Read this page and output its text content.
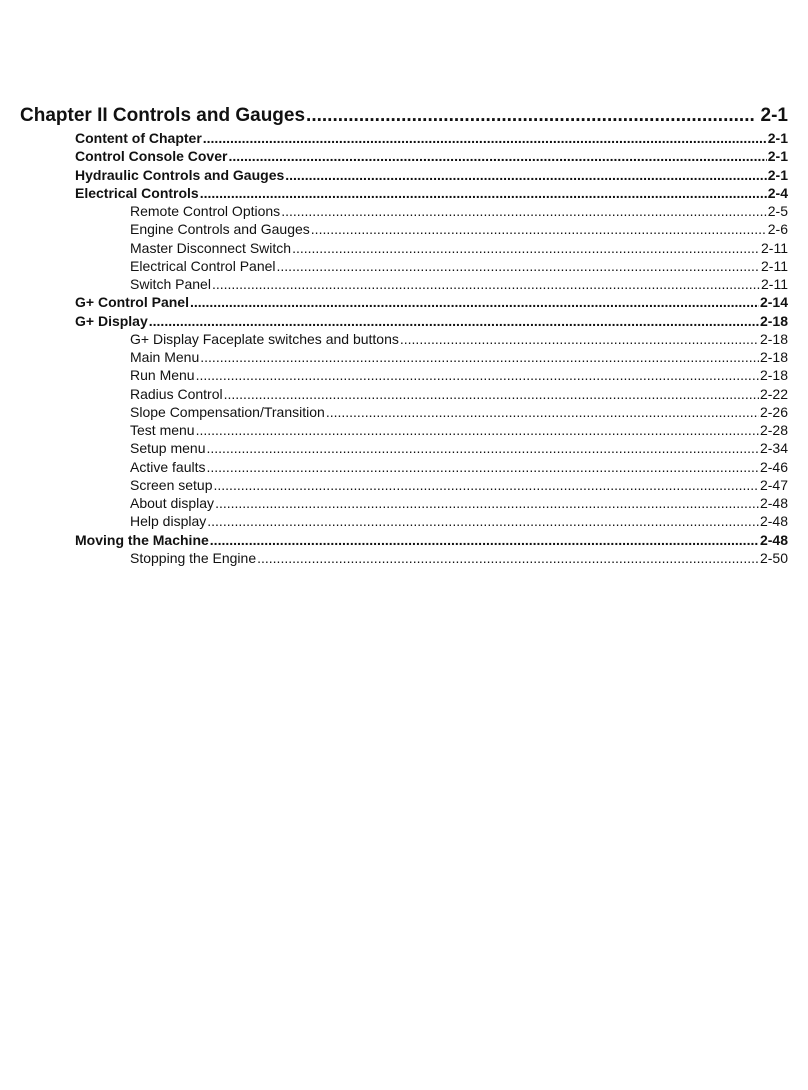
Chapter II Controls and Gauges .....	2-1
Content of Chapter .....	2-1
Control Console Cover .....	2-1
Hydraulic Controls and Gauges .....	2-1
Electrical Controls .....	2-4
Remote Control Options .....	2-5
Engine Controls and Gauges .....	2-6
Master Disconnect Switch .....	2-11
Electrical Control Panel .....	2-11
Switch Panel .....	2-11
G+ Control Panel .....	2-14
G+ Display .....	2-18
G+ Display Faceplate switches and buttons .....	2-18
Main Menu .....	2-18
Run Menu .....	2-18
Radius Control .....	2-22
Slope Compensation/Transition .....	2-26
Test menu .....	2-28
Setup menu .....	2-34
Active faults .....	2-46
Screen setup .....	2-47
About display .....	2-48
Help display .....	2-48
Moving the Machine .....	2-48
Stopping the Engine .....	2-50
